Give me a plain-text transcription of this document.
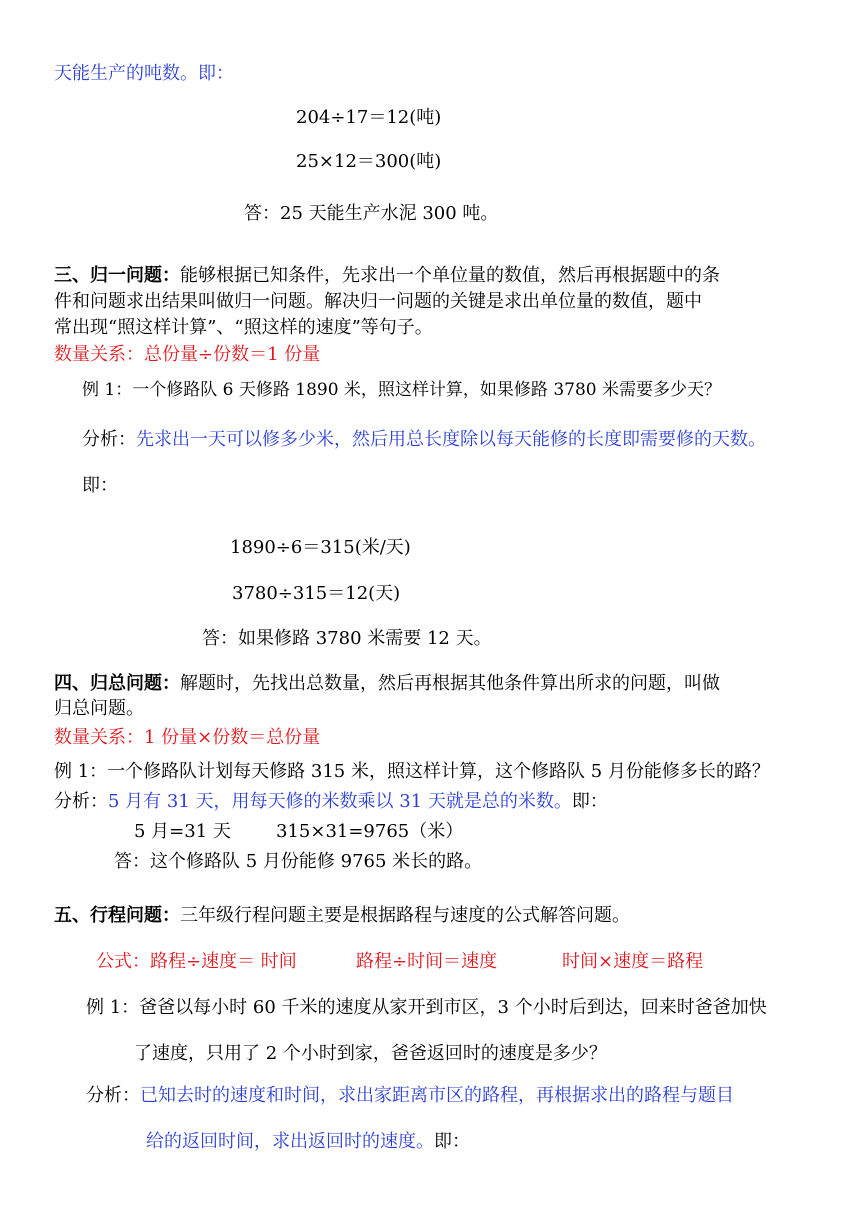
天能生产的吨数。即：
204÷17＝12(吨)
25×12＝300(吨)
答：25 天能生产水泥 300 吨。
三、归一问题：能够根据已知条件，先求出一个单位量的数值，然后再根据题中的条
件和问题求出结果叫做归一问题。解决归一问题的关键是求出单位量的数值，题中
常出现“照这样计算”、“照这样的速度”等句子。
数量关系：总份量÷份数＝1 份量
例 1：一个修路队 6 天修路 1890 米，照这样计算，如果修路 3780 米需要多少天？
分析：先求出一天可以修多少米，然后用总长度除以每天能修的长度即需要修的天数。
即：
1890÷6＝315(米/天)
3780÷315＝12(天)
答：如果修路 3780 米需要 12 天。
四、归总问题：解题时，先找出总数量，然后再根据其他条件算出所求的问题，叫做
归总问题。
数量关系：1 份量×份数＝总份量
例 1：一个修路队计划每天修路 315 米，照这样计算，这个修路队 5 月份能修多长的路？
分析：5 月有 31 天，用每天修的米数乘以 31 天就是总的米数。即：
5 月=31 天	315×31=9765（米）
答：这个修路队 5 月份能修 9765 米长的路。
五、行程问题：三年级行程问题主要是根据路程与速度的公式解答问题。
公式：路程÷速度＝ 时间	路程÷时间＝速度	时间×速度＝路程
例 1：爸爸以每小时 60 千米的速度从家开到市区，3 个小时后到达，回来时爸爸加快
了速度，只用了 2 个小时到家，爸爸返回时的速度是多少？
分析：已知去时的速度和时间，求出家距离市区的路程，再根据求出的路程与题目
给的返回时间，求出返回时的速度。即：
